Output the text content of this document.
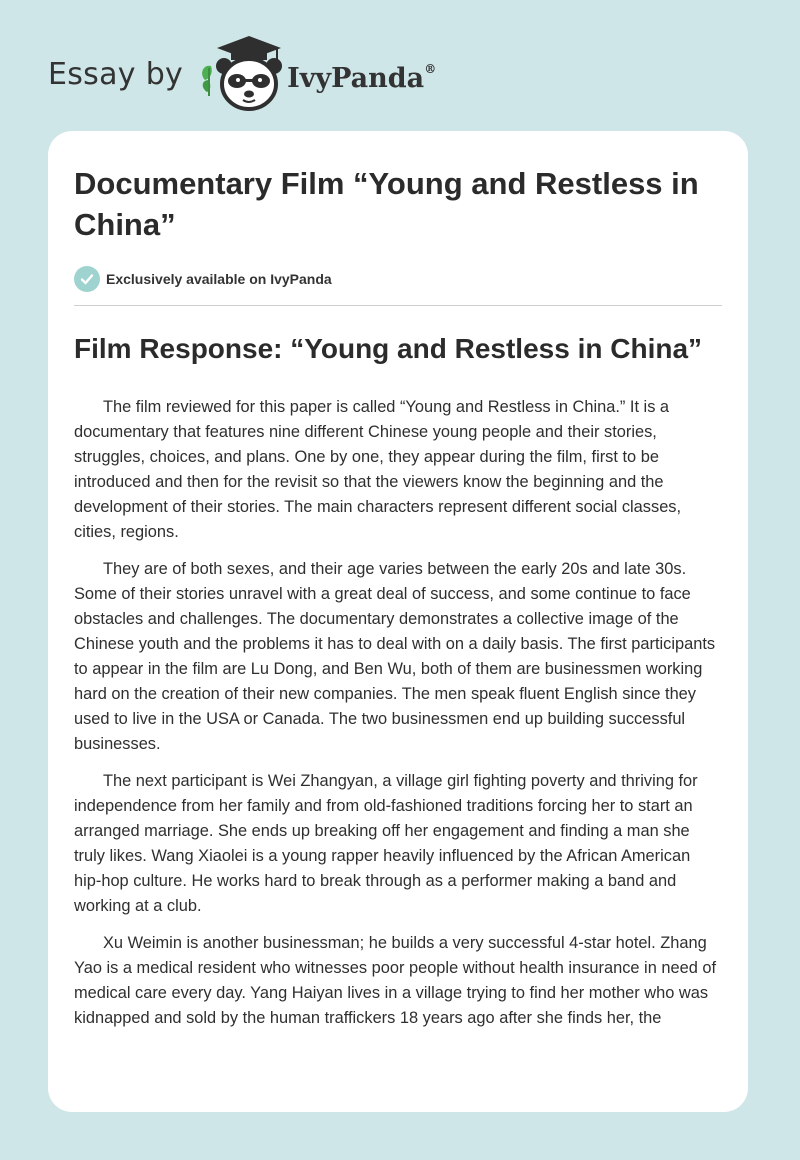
Essay by	IvyPanda®
Documentary Film “Young and Restless in China”
Exclusively available on IvyPanda
Film Response: “Young and Restless in China”

The film reviewed for this paper is called “Young and Restless in China.” It is a documentary that features nine different Chinese young people and their stories, struggles, choices, and plans. One by one, they appear during the film, first to be introduced and then for the revisit so that the viewers know the beginning and the development of their stories. The main characters represent different social classes, cities, regions.

They are of both sexes, and their age varies between the early 20s and late 30s. Some of their stories unravel with a great deal of success, and some continue to face obstacles and challenges. The documentary demonstrates a collective image of the Chinese youth and the problems it has to deal with on a daily basis. The first participants to appear in the film are Lu Dong, and Ben Wu, both of them are businessmen working hard on the creation of their new companies. The men speak fluent English since they used to live in the USA or Canada. The two businessmen end up building successful businesses.

The next participant is Wei Zhangyan, a village girl fighting poverty and thriving for independence from her family and from old-fashioned traditions forcing her to start an arranged marriage. She ends up breaking off her engagement and finding a man she truly likes. Wang Xiaolei is a young rapper heavily influenced by the African American hip-hop culture. He works hard to break through as a performer making a band and working at a club.

Xu Weimin is another businessman; he builds a very successful 4-star hotel. Zhang Yao is a medical resident who witnesses poor people without health insurance in need of medical care every day. Yang Haiyan lives in a village trying to find her mother who was kidnapped and sold by the human traffickers 18 years ago after she finds her, the
